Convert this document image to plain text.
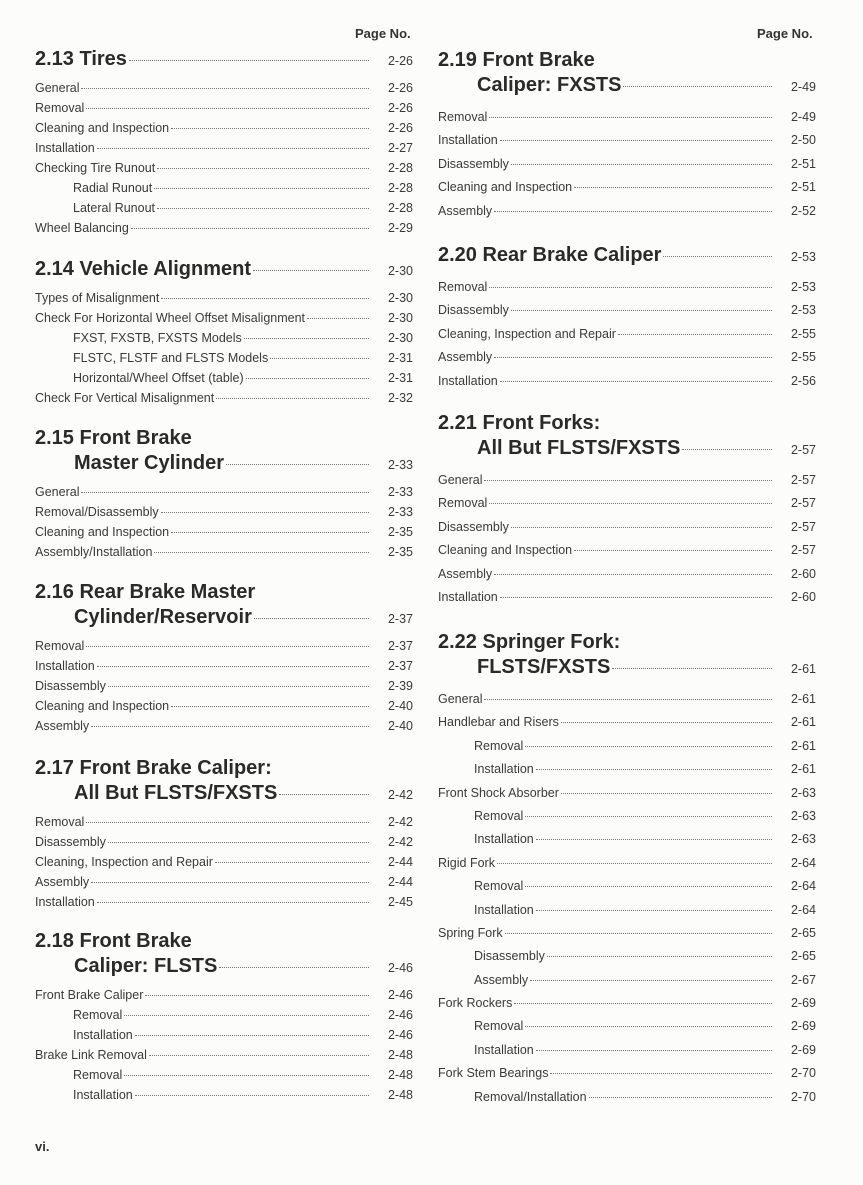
Page No.	Page No.
2.13 Tires	2-26
General	2-26
Removal	2-26
Cleaning and Inspection	2-26
Installation	2-27
Checking Tire Runout	2-28
Radial Runout	2-28
Lateral Runout	2-28
Wheel Balancing	2-29
2.14 Vehicle Alignment	2-30
Types of Misalignment	2-30
Check For Horizontal Wheel Offset Misalignment	2-30
FXST, FXSTB, FXSTS Models	2-30
FLSTC, FLSTF and FLSTS Models	2-31
Horizontal/Wheel Offset (table)	2-31
Check For Vertical Misalignment	2-32
2.15 Front Brake
Master Cylinder	2-33
General	2-33
Removal/Disassembly	2-33
Cleaning and Inspection	2-35
Assembly/Installation	2-35
2.16 Rear Brake Master
Cylinder/Reservoir	2-37
Removal	2-37
Installation	2-37
Disassembly	2-39
Cleaning and Inspection	2-40
Assembly	2-40
2.17 Front Brake Caliper:
All But FLSTS/FXSTS	2-42
Removal	2-42
Disassembly	2-42
Cleaning, Inspection and Repair	2-44
Assembly	2-44
Installation	2-45
2.18 Front Brake
Caliper: FLSTS	2-46
Front Brake Caliper	2-46
Removal	2-46
Installation	2-46
Brake Link Removal	2-48
Removal	2-48
Installation	2-48
2.19 Front Brake
Caliper: FXSTS	2-49
Removal	2-49
Installation	2-50
Disassembly	2-51
Cleaning and Inspection	2-51
Assembly	2-52
2.20 Rear Brake Caliper	2-53
Removal	2-53
Disassembly	2-53
Cleaning, Inspection and Repair	2-55
Assembly	2-55
Installation	2-56
2.21 Front Forks:
All But FLSTS/FXSTS	2-57
General	2-57
Removal	2-57
Disassembly	2-57
Cleaning and Inspection	2-57
Assembly	2-60
Installation	2-60
2.22 Springer Fork:
FLSTS/FXSTS	2-61
General	2-61
Handlebar and Risers	2-61
Removal	2-61
Installation	2-61
Front Shock Absorber	2-63
Removal	2-63
Installation	2-63
Rigid Fork	2-64
Removal	2-64
Installation	2-64
Spring Fork	2-65
Disassembly	2-65
Assembly	2-67
Fork Rockers	2-69
Removal	2-69
Installation	2-69
Fork Stem Bearings	2-70
Removal/Installation	2-70
vi.
